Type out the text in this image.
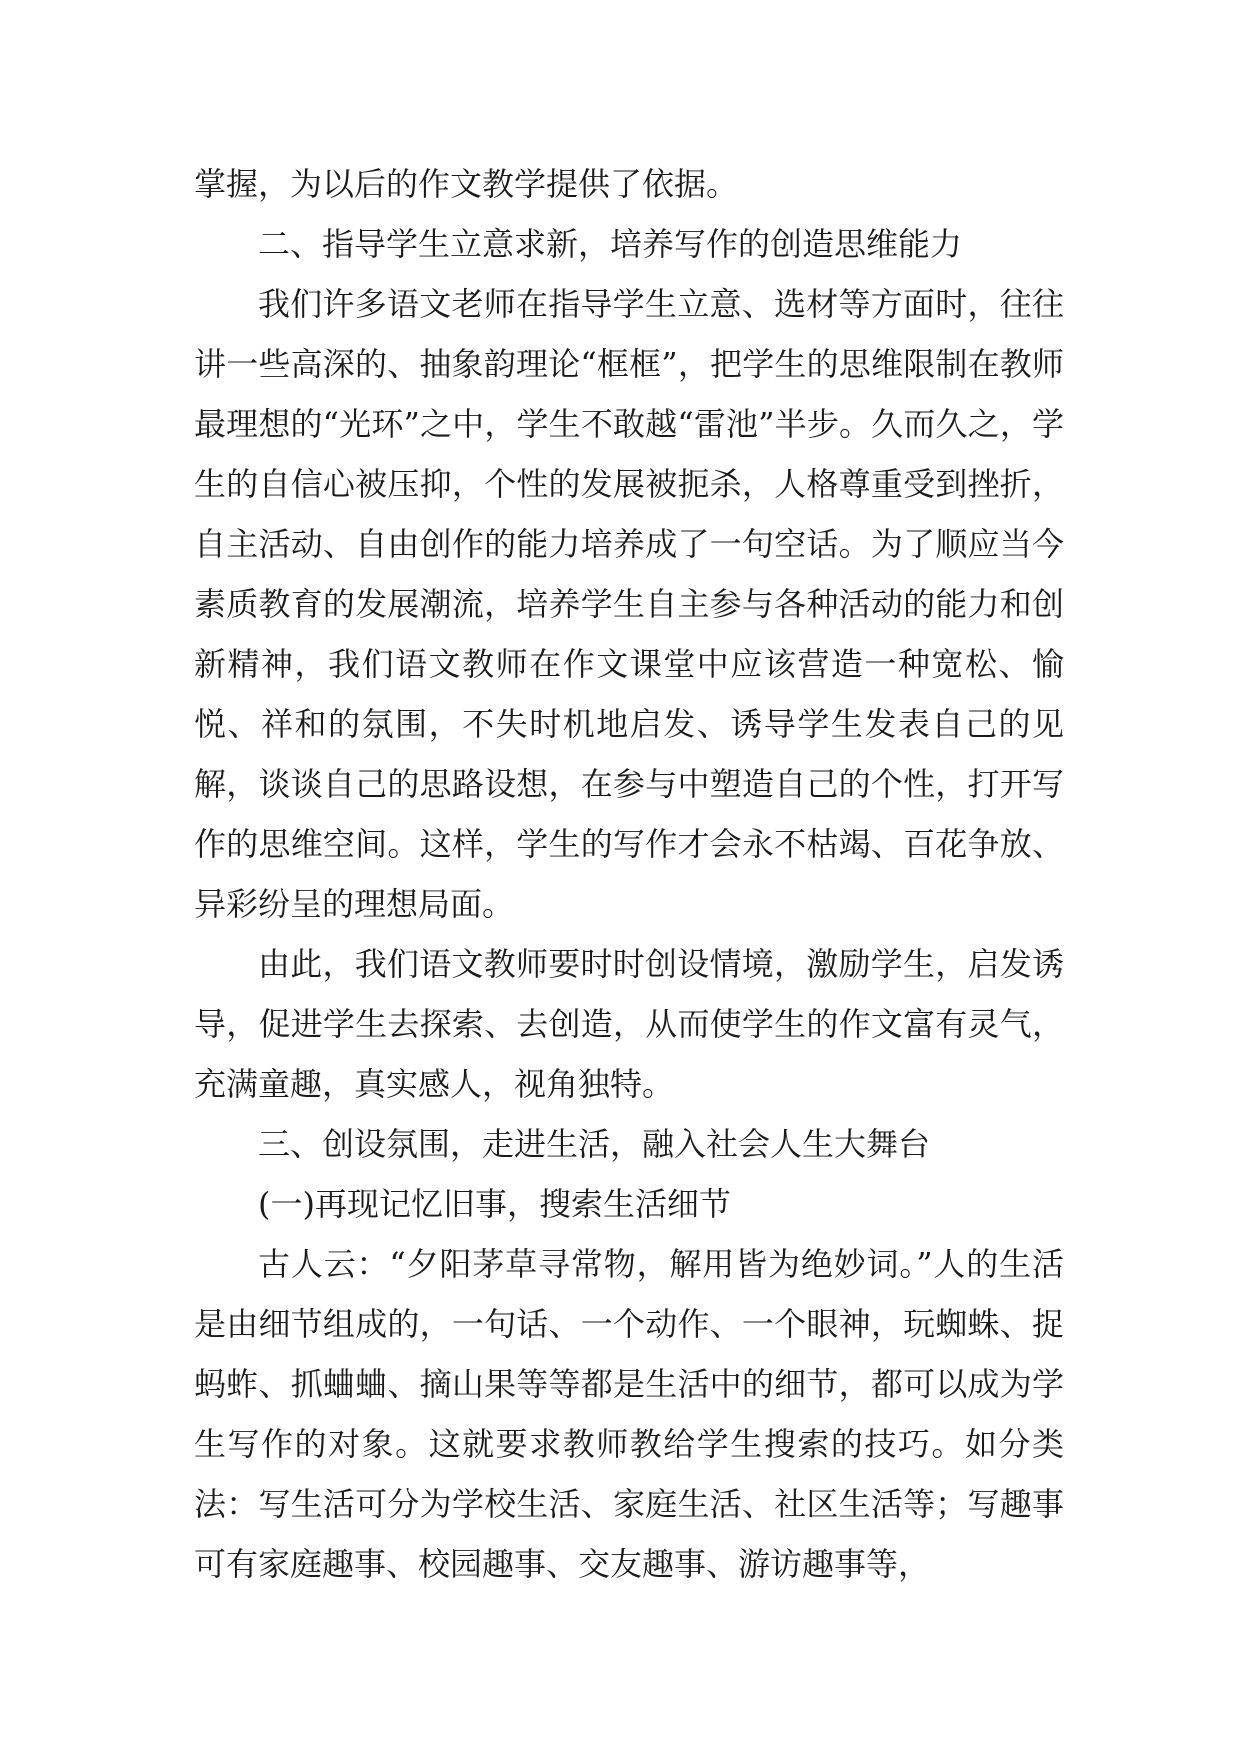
掌握，为以后的作文教学提供了依据。

二、指导学生立意求新，培养写作的创造思维能力

我们许多语文老师在指导学生立意、选材等方面时，往往讲一些高深的、抽象韵理论“框框”，把学生的思维限制在教师最理想的“光环”之中，学生不敢越“雷池”半步。久而久之，学生的自信心被压抑，个性的发展被扼杀，人格尊重受到挫折，自主活动、自由创作的能力培养成了一句空话。为了顺应当今素质教育的发展潮流，培养学生自主参与各种活动的能力和创新精神，我们语文教师在作文课堂中应该营造一种宽松、愉悦、祥和的氛围，不失时机地启发、诱导学生发表自己的见解，谈谈自己的思路设想，在参与中塑造自己的个性，打开写作的思维空间。这样，学生的写作才会永不枯竭、百花争放、异彩纷呈的理想局面。

由此，我们语文教师要时时创设情境，激励学生，启发诱导，促进学生去探索、去创造，从而使学生的作文富有灵气，充满童趣，真实感人，视角独特。

三、创设氛围，走进生活，融入社会人生大舞台

(一)再现记忆旧事，搜索生活细节

古人云：“夕阳茅草寻常物，解用皆为绝妙词。”人的生活是由细节组成的，一句话、一个动作、一个眼神，玩蜘蛛、捉蚂蚱、抓蛐蛐、摘山果等等都是生活中的细节，都可以成为学生写作的对象。这就要求教师教给学生搜索的技巧。如分类法：写生活可分为学校生活、家庭生活、社区生活等；写趣事可有家庭趣事、校园趣事、交友趣事、游访趣事等，
